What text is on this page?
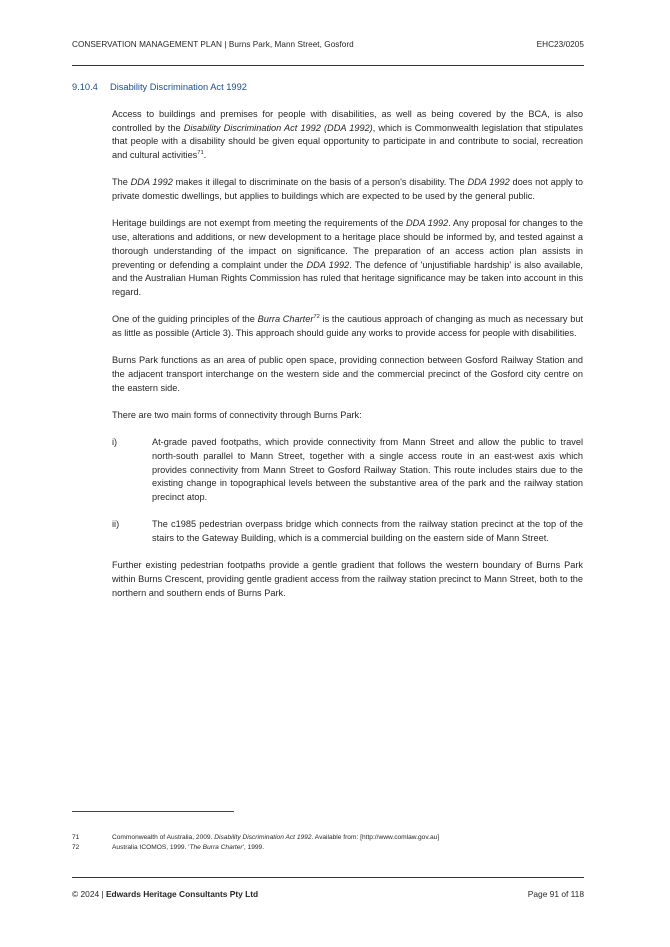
CONSERVATION MANAGEMENT PLAN | Burns Park, Mann Street, Gosford	EHC23/0205
9.10.4 Disability Discrimination Act 1992

Access to buildings and premises for people with disabilities, as well as being covered by the BCA, is also controlled by the Disability Discrimination Act 1992 (DDA 1992), which is Commonwealth legislation that stipulates that people with a disability should be given equal opportunity to participate in and contribute to social, recreation and cultural activities$^{71}$.

The DDA 1992 makes it illegal to discriminate on the basis of a person's disability. The DDA 1992 does not apply to private domestic dwellings, but applies to buildings which are expected to be used by the general public.

Heritage buildings are not exempt from meeting the requirements of the DDA 1992. Any proposal for changes to the use, alterations and additions, or new development to a heritage place should be informed by, and tested against a thorough understanding of the impact on significance. The preparation of an access action plan assists in preventing or defending a complaint under the DDA 1992. The defence of 'unjustifiable hardship' is also available, and the Australian Human Rights Commission has ruled that heritage significance may be taken into account in this regard.

One of the guiding principles of the Burra Charter$^{72}$ is the cautious approach of changing as much as necessary but as little as possible (Article 3). This approach should guide any works to provide access for people with disabilities.

Burns Park functions as an area of public open space, providing connection between Gosford Railway Station and the adjacent transport interchange on the western side and the commercial precinct of the Gosford city centre on the eastern side.

There are two main forms of connectivity through Burns Park:

i)	At-grade paved footpaths, which provide connectivity from Mann Street and allow the public to travel north-south parallel to Mann Street, together with a single access route in an east-west axis which provides connectivity from Mann Street to Gosford Railway Station. This route includes stairs due to the existing change in topographical levels between the substantive area of the park and the railway station precinct atop.
ii)	The c1985 pedestrian overpass bridge which connects from the railway station precinct at the top of the stairs to the Gateway Building, which is a commercial building on the eastern side of Mann Street.

Further existing pedestrian footpaths provide a gentle gradient that follows the western boundary of Burns Park within Burns Crescent, providing gentle gradient access from the railway station precinct to Mann Street, both to the northern and southern ends of Burns Park.

71	Commonwealth of Australia, 2009. Disability Discrimination Act 1992. Available from: [http://www.comlaw.gov.au]
72	Australia ICOMOS, 1999. 'The Burra Charter', 1999.
© 2024 | Edwards Heritage Consultants Pty Ltd	Page 91 of 118
